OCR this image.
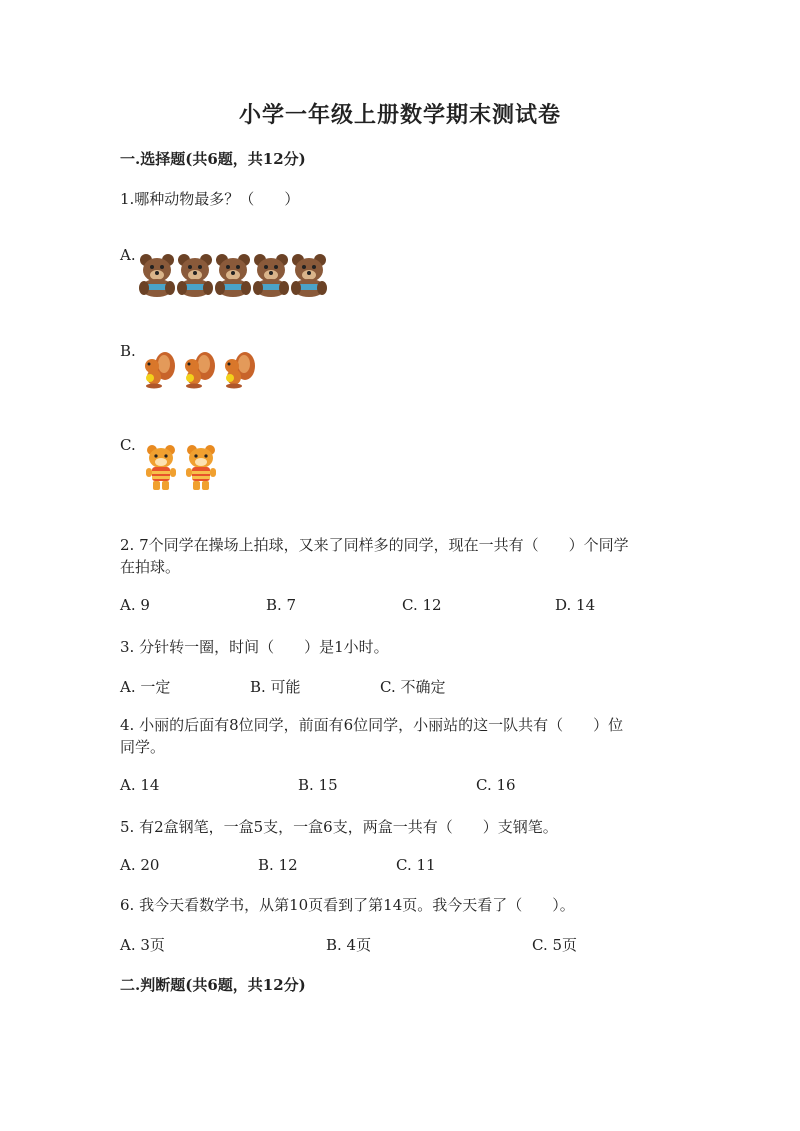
小学一年级上册数学期末测试卷
一.选择题(共6题，共12分)
1.哪种动物最多？（　　）
A.
B.
C.
2. 7个同学在操场上拍球，又来了同样多的同学，现在一共有（　　）个同学
在拍球。
A. 9	B. 7	C. 12	D. 14
3. 分针转一圈，时间（　　）是1小时。
A. 一定	B. 可能	C. 不确定
4. 小丽的后面有8位同学，前面有6位同学，小丽站的这一队共有（　　）位
同学。
A. 14	B. 15	C. 16
5. 有2盒钢笔，一盒5支，一盒6支，两盒一共有（　　）支钢笔。
A. 20	B. 12	C. 11
6. 我今天看数学书，从第10页看到了第14页。我今天看了（　　）。
A. 3页	B. 4页	C. 5页
二.判断题(共6题，共12分)
